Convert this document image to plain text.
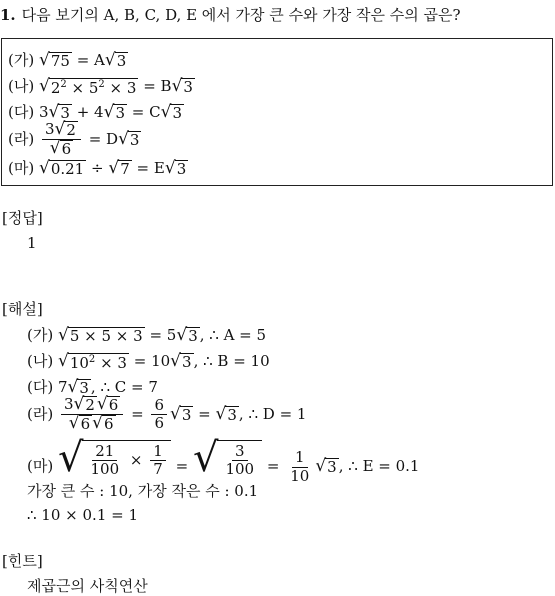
1. 다음 보기의 A, B, C, D, E 에서 가장 큰 수와 가장 작은 수의 곱은?
(가) √ 75 = A √ 3
(나) √ $2^2 \times 5^2 \times 3 = B$ √ 3
(다) 3 √ 3 + 4 √ 3 = C √ 3
(라) $\frac{3 √ 2}{√ 6} = D$ √ 3
(마) √ 0.21 ÷ √ 7 = E √ 3
[정답]
1
[해설]
(가) √ 5 × 5 × 3 = 5 √ 3 , ∴ A = 5
(나) √ $10^2 \times 3 = 10$ √ 3 , ∴ B = 10
(다) 7 √ 3 , ∴ C = 7
(라) $\frac{3 √ 2 √ 6}{√ 6 √ 6} = \frac{6}{6}$ √ 3 = √ 3 , ∴ D = 1
(마) √ $\frac{21}{100} \times \frac{1}{7}$ = √ $\frac{3}{100} = \frac{1}{10}$ √ 3 , ∴ E = 0.1
가장 큰 수 : 10, 가장 작은 수 : 0.1
∴ 10 × 0.1 = 1
[힌트]
제곱근의 사칙연산
